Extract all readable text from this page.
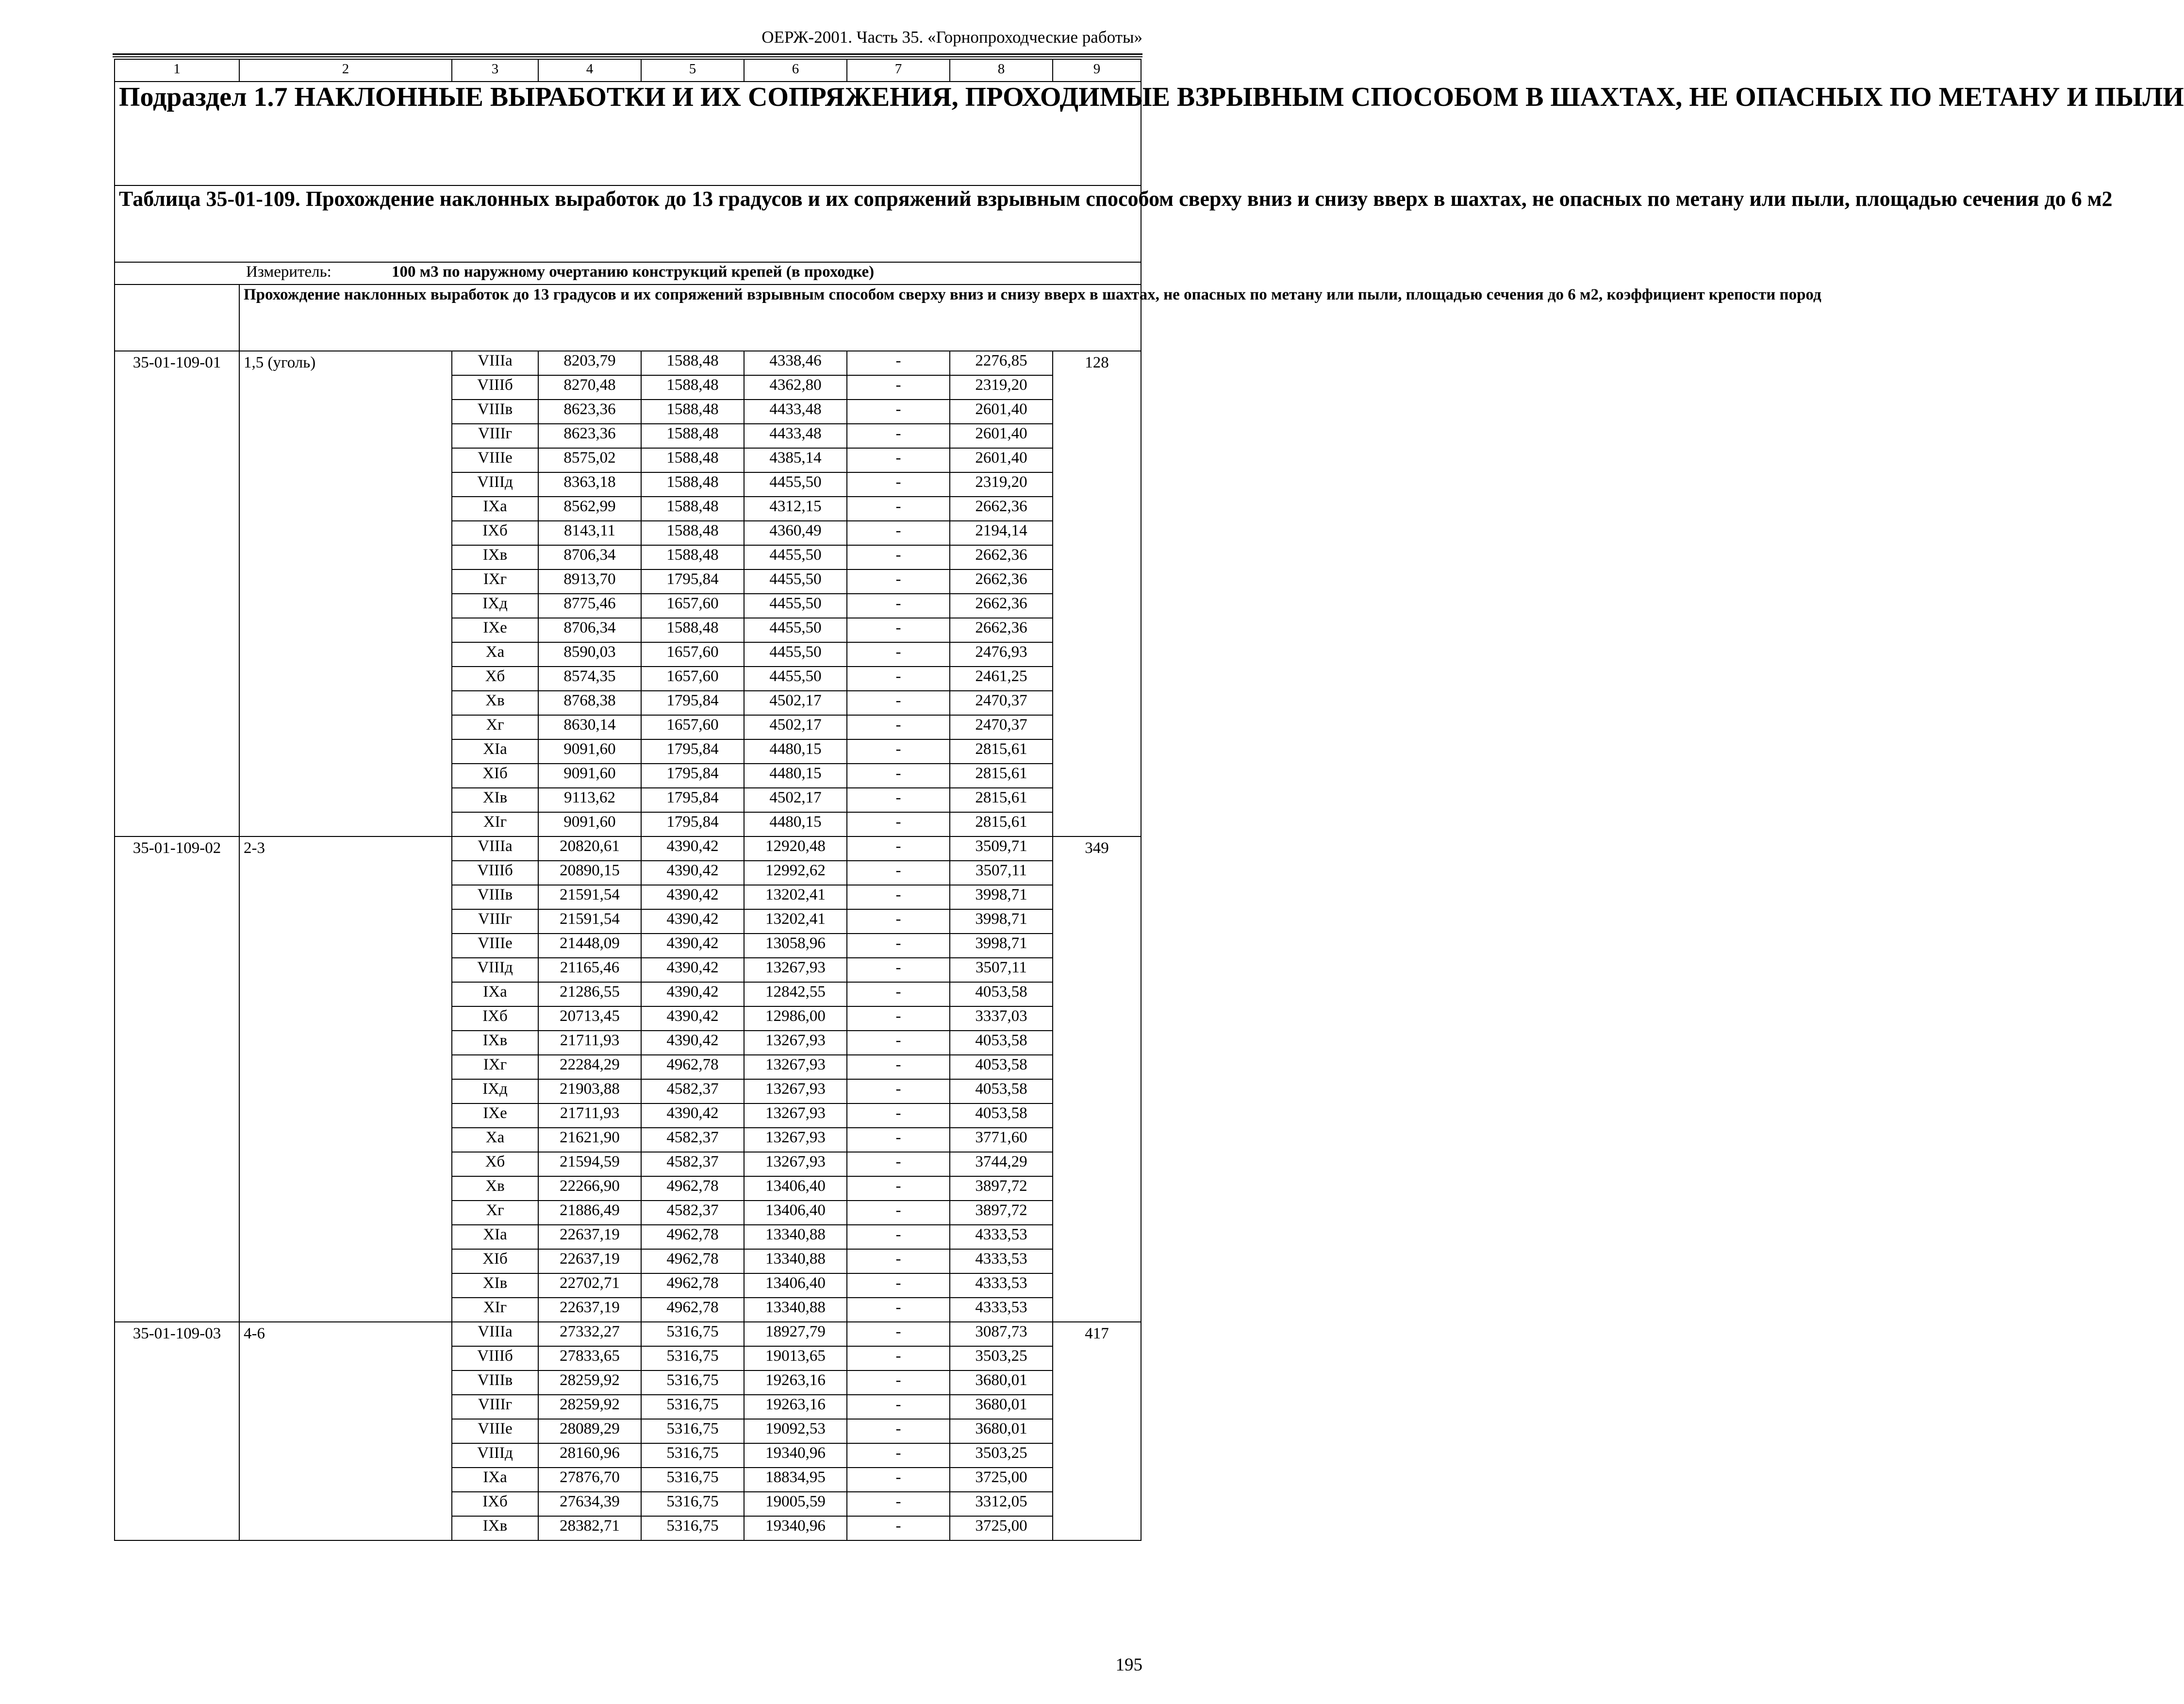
ОЕРЖ-2001. Часть 35. «Горнопроходческие работы»
1	2	3	4	5	6	7	8	9
Подраздел 1.7 НАКЛОННЫЕ ВЫРАБОТКИ И ИХ СОПРЯЖЕНИЯ, ПРОХОДИМЫЕ ВЗРЫВНЫМ СПОСОБОМ В ШАХТАХ, НЕ ОПАСНЫХ ПО МЕТАНУ И ПЫЛИ								
Таблица 35-01-109. Прохождение наклонных выработок до 13 градусов и их сопряжений взрывным способом сверху вниз и снизу вверх в шахтах, не опасных по метану или пыли, площадью сечения до 6 м2								
Измеритель: 100 м3 по наружному очертанию конструкций крепей (в проходке)								
	Прохождение наклонных выработок до 13 градусов и их сопряжений взрывным способом сверху вниз и снизу вверх в шахтах, не опасных по метану или пыли, площадью сечения до 6 м2, коэффициент крепости пород							
35-01-109-01	1,5 (уголь)	VIIIа	8203,79	1588,48	4338,46	-	2276,85	128
		VIIIб	8270,48	1588,48	4362,80	-	2319,20	
		VIIIв	8623,36	1588,48	4433,48	-	2601,40	
		VIIIг	8623,36	1588,48	4433,48	-	2601,40	
		VIIIе	8575,02	1588,48	4385,14	-	2601,40	
		VIIIд	8363,18	1588,48	4455,50	-	2319,20	
		IXа	8562,99	1588,48	4312,15	-	2662,36	
		IXб	8143,11	1588,48	4360,49	-	2194,14	
		IXв	8706,34	1588,48	4455,50	-	2662,36	
		IXг	8913,70	1795,84	4455,50	-	2662,36	
		IXд	8775,46	1657,60	4455,50	-	2662,36	
		IXе	8706,34	1588,48	4455,50	-	2662,36	
		Xа	8590,03	1657,60	4455,50	-	2476,93	
		Xб	8574,35	1657,60	4455,50	-	2461,25	
		Xв	8768,38	1795,84	4502,17	-	2470,37	
		Xг	8630,14	1657,60	4502,17	-	2470,37	
		XIа	9091,60	1795,84	4480,15	-	2815,61	
		XIб	9091,60	1795,84	4480,15	-	2815,61	
		XIв	9113,62	1795,84	4502,17	-	2815,61	
		XIг	9091,60	1795,84	4480,15	-	2815,61	
35-01-109-02	2-3	VIIIа	20820,61	4390,42	12920,48	-	3509,71	349
		VIIIб	20890,15	4390,42	12992,62	-	3507,11	
		VIIIв	21591,54	4390,42	13202,41	-	3998,71	
		VIIIг	21591,54	4390,42	13202,41	-	3998,71	
		VIIIе	21448,09	4390,42	13058,96	-	3998,71	
		VIIIд	21165,46	4390,42	13267,93	-	3507,11	
		IXа	21286,55	4390,42	12842,55	-	4053,58	
		IXб	20713,45	4390,42	12986,00	-	3337,03	
		IXв	21711,93	4390,42	13267,93	-	4053,58	
		IXг	22284,29	4962,78	13267,93	-	4053,58	
		IXд	21903,88	4582,37	13267,93	-	4053,58	
		IXе	21711,93	4390,42	13267,93	-	4053,58	
		Xа	21621,90	4582,37	13267,93	-	3771,60	
		Xб	21594,59	4582,37	13267,93	-	3744,29	
		Xв	22266,90	4962,78	13406,40	-	3897,72	
		Xг	21886,49	4582,37	13406,40	-	3897,72	
		XIа	22637,19	4962,78	13340,88	-	4333,53	
		XIб	22637,19	4962,78	13340,88	-	4333,53	
		XIв	22702,71	4962,78	13406,40	-	4333,53	
		XIг	22637,19	4962,78	13340,88	-	4333,53	
35-01-109-03	4-6	VIIIа	27332,27	5316,75	18927,79	-	3087,73	417
		VIIIб	27833,65	5316,75	19013,65	-	3503,25	
		VIIIв	28259,92	5316,75	19263,16	-	3680,01	
		VIIIг	28259,92	5316,75	19263,16	-	3680,01	
		VIIIе	28089,29	5316,75	19092,53	-	3680,01	
		VIIIд	28160,96	5316,75	19340,96	-	3503,25	
		IXа	27876,70	5316,75	18834,95	-	3725,00	
		IXб	27634,39	5316,75	19005,59	-	3312,05	
		IXв	28382,71	5316,75	19340,96	-	3725,00	
195
